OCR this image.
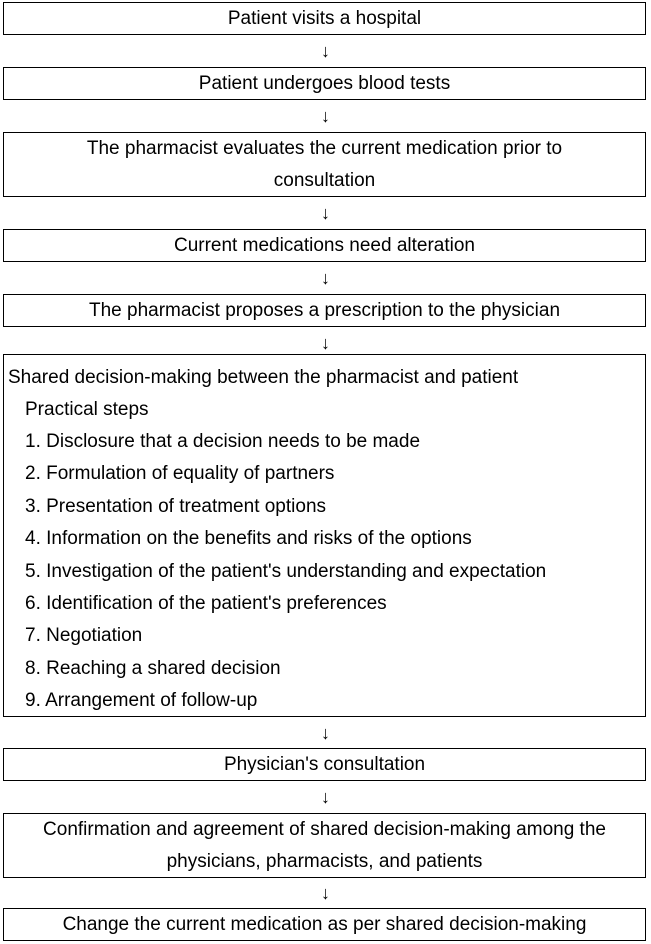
Patient visits a hospital
↓
Patient undergoes blood tests
↓
The pharmacist evaluates the current medication prior to consultation
↓
Current medications need alteration
↓
The pharmacist proposes a prescription to the physician
↓
Shared decision-making between the pharmacist and patient
Practical steps
1. Disclosure that a decision needs to be made
2. Formulation of equality of partners
3. Presentation of treatment options
4. Information on the benefits and risks of the options
5. Investigation of the patient's understanding and expectation
6. Identification of the patient's preferences
7. Negotiation
8. Reaching a shared decision
9. Arrangement of follow-up
↓
Physician's consultation
↓
Confirmation and agreement of shared decision-making among the physicians, pharmacists, and patients
↓
Change the current medication as per shared decision-making
